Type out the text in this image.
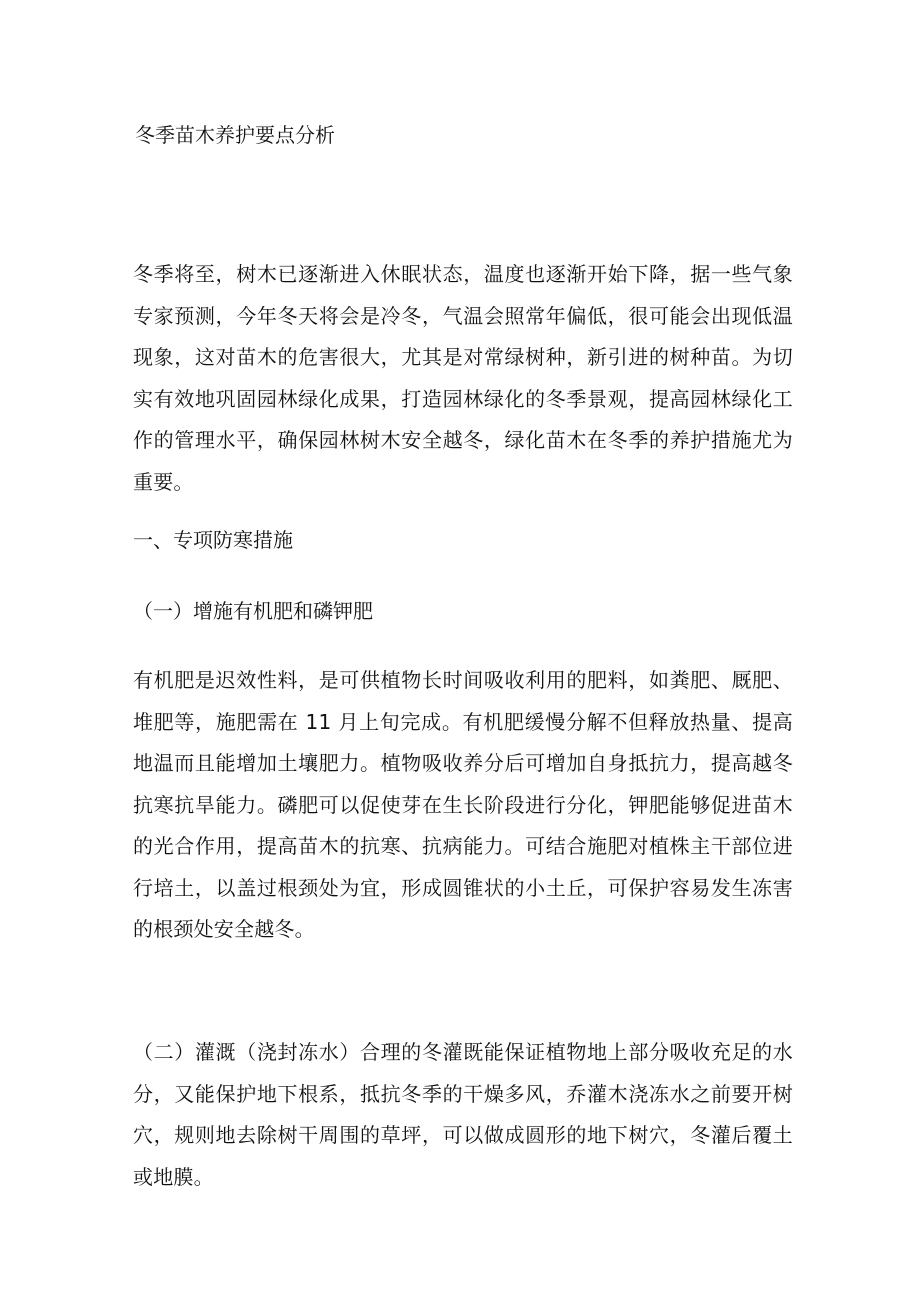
冬季苗木养护要点分析

冬季将至，树木已逐渐进入休眠状态，温度也逐渐开始下降，据一些气象专家预测，今年冬天将会是冷冬，气温会照常年偏低，很可能会出现低温现象，这对苗木的危害很大，尤其是对常绿树种，新引进的树种苗。为切实有效地巩固园林绿化成果，打造园林绿化的冬季景观，提高园林绿化工作的管理水平，确保园林树木安全越冬，绿化苗木在冬季的养护措施尤为重要。

一、专项防寒措施
（一）增施有机肥和磷钾肥

有机肥是迟效性料，是可供植物长时间吸收利用的肥料，如粪肥、厩肥、堆肥等，施肥需在 11 月上旬完成。有机肥缓慢分解不但释放热量、提高地温而且能增加土壤肥力。植物吸收养分后可增加自身抵抗力，提高越冬抗寒抗旱能力。磷肥可以促使芽在生长阶段进行分化，钾肥能够促进苗木的光合作用，提高苗木的抗寒、抗病能力。可结合施肥对植株主干部位进行培土，以盖过根颈处为宜，形成圆锥状的小土丘，可保护容易发生冻害的根颈处安全越冬。

（二）灌溉（浇封冻水）合理的冬灌既能保证植物地上部分吸收充足的水分，又能保护地下根系，抵抗冬季的干燥多风，乔灌木浇冻水之前要开树穴，规则地去除树干周围的草坪，可以做成圆形的地下树穴，冬灌后覆土或地膜。
